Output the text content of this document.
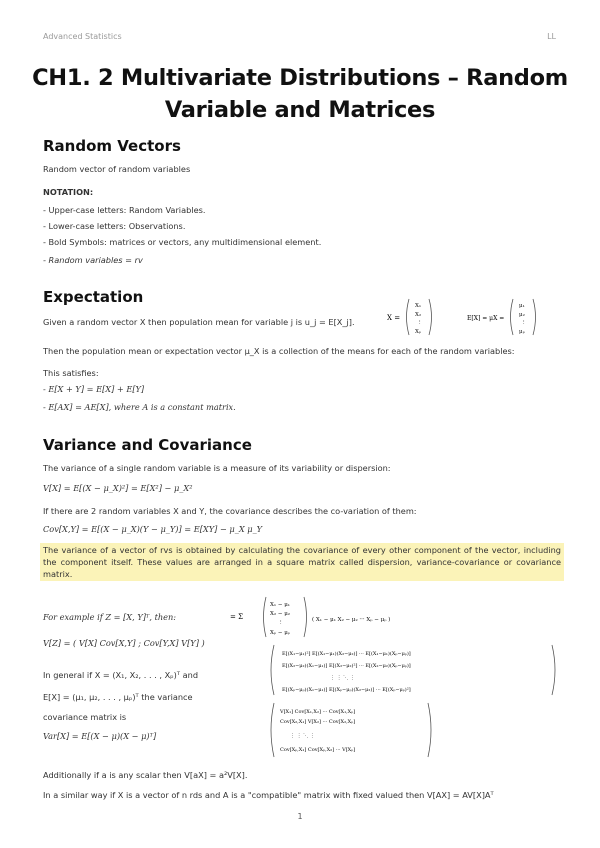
Advanced Statistics	LL
CH1. 2 Multivariate Distributions – Random Variable and Matrices
Random Vectors
Random vector of random variables
NOTATION:
- Upper-case letters: Random Variables.
- Lower-case letters: Observations.
- Bold Symbols: matrices or vectors, any multidimensional element.
- Random variables = rv
Expectation
Given a random vector X then population mean for variable j is u_j = E[X_j].	X =
X₁
X₂
⋮
Xₚ
E[X] = μX =
μ₁
μ₂
⋮
μₚ
Then the population mean or expectation vector μ_X is a collection of the means for each of the random variables:
This satisfies:
- E[X + Y] = E[X] + E[Y]
- E[AX] = AE[X], where A is a constant matrix.
Variance and Covariance
The variance of a single random variable is a measure of its variability or dispersion:
V[X] = E[(X − μ_X)²] = E[X²] − μ_X²
If there are 2 random variables X and Y, the covariance describes the co-variation of them:
Cov[X,Y] = E[(X − μ_X)(Y − μ_Y)] = E[XY] − μ_X μ_Y
The variance of a vector of rvs is obtained by calculating the covariance of every other component of the vector, including the component itself. These values are arranged in a square matrix called dispersion, variance-covariance or covariance matrix.
For example if Z = [X, Y]ᵀ, then:
V[Z] = ( V[X] Cov[X,Y] ; Cov[Y,X] V[Y] )
In general if X = (X₁, X₂, . . . , Xₚ)ᵀ and
E[X] = (μ₁, μ₂, . . . , μₚ)ᵀ the variance
covariance matrix is
Var[X] = E[(X − μ)(X − μ)ᵀ]
= Σ
X₁ − μ₁
X₂ − μ₂
⋮
Xₚ − μₚ
( X₁ − μ₁ X₂ − μ₂ ··· Xₚ − μₚ )
E[(X₁−μ₁)²] E[(X₁−μ₁)(X₂−μ₂)] ··· E[(X₁−μ₁)(Xₚ−μₚ)]
E[(X₂−μ₂)(X₁−μ₁)] E[(X₂−μ₂)²] ··· E[(X₂−μ₂)(Xₚ−μₚ)]
⋮ ⋮ ⋱ ⋮
E[(Xₚ−μₚ)(X₁−μ₁)] E[(Xₚ−μₚ)(X₂−μ₂)] ··· E[(Xₚ−μₚ)²]
V[X₁] Cov[X₁,X₂] ··· Cov[X₁,Xₚ]
Cov[X₂,X₁] V[X₂] ··· Cov[X₂,Xₚ]
⋮ ⋮ ⋱ ⋮
Cov[Xₚ,X₁] Cov[Xₚ,X₂] ··· V[Xₚ]
Additionally if a is any scalar then V[aX] = a²V[X].
In a similar way if X is a vector of n rds and A is a "compatible" matrix with fixed valued then V[AX] = AV[X]Aᵀ
1
